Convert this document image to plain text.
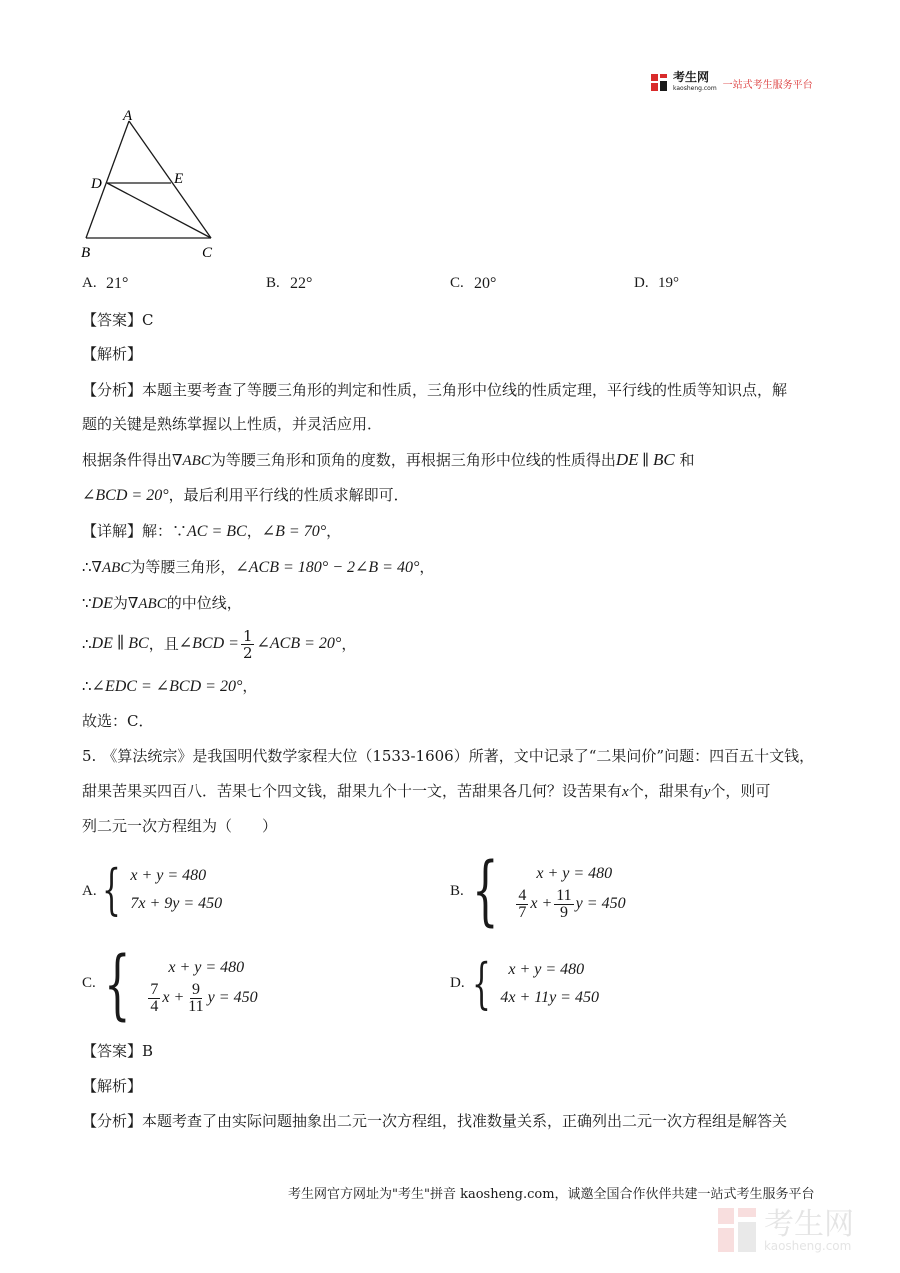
考生网
kaosheng.com 一站式考生服务平台
A
D	E
B	C
A. 21°	B. 22°	C. 20°	D. 19°
【答案】C
【解析】
【分析】本题主要考查了等腰三角形的判定和性质，三角形中位线的性质定理，平行线的性质等知识点，解
题的关键是熟练掌握以上性质，并灵活应用．
根据条件得出∇ABC为等腰三角形和顶角的度数，再根据三角形中位线的性质得出DE ∥ BC 和
∠BCD = 20°，最后利用平行线的性质求解即可．
【详解】解：∵AC = BC，∠B = 70°，
∴∇ABC为等腰三角形，∠ACB = 180° − 2∠B = 40°，
∵DE为∇ABC的中位线，
∴ DE ∥ BC ，且 ∠BCD = $\frac{1}{2}$ ∠ACB = 20° ，
∴∠EDC = ∠BCD = 20°，
故选：C．
5. 《算法统宗》是我国明代数学家程大位（1533-1606）所著，文中记录了“二果问价”问题：四百五十文钱，
甜果苦果买四百八．苦果七个四文钱，甜果九个十一文，苦甜果各几何？设苦果有x个，甜果有y个，则可
列二元一次方程组为（　　）
A. { x + y = 480
7x + 9y = 450
B. {	x + y = 480
$\frac{4}{7}$ $x + \frac{11}{9}$ y = 450
C. {	x + y = 480
$\frac{7}{4}$ $x + \frac{9}{11}$ y = 450
D. {	x + y = 480
4x + 11y = 450
【答案】B
【解析】
【分析】本题考查了由实际问题抽象出二元一次方程组，找准数量关系，正确列出二元一次方程组是解答关
考生网官方网址为"考生"拼音 kaosheng.com，诚邀全国合作伙伴共建一站式考生服务平台
考生网
kaosheng.com
